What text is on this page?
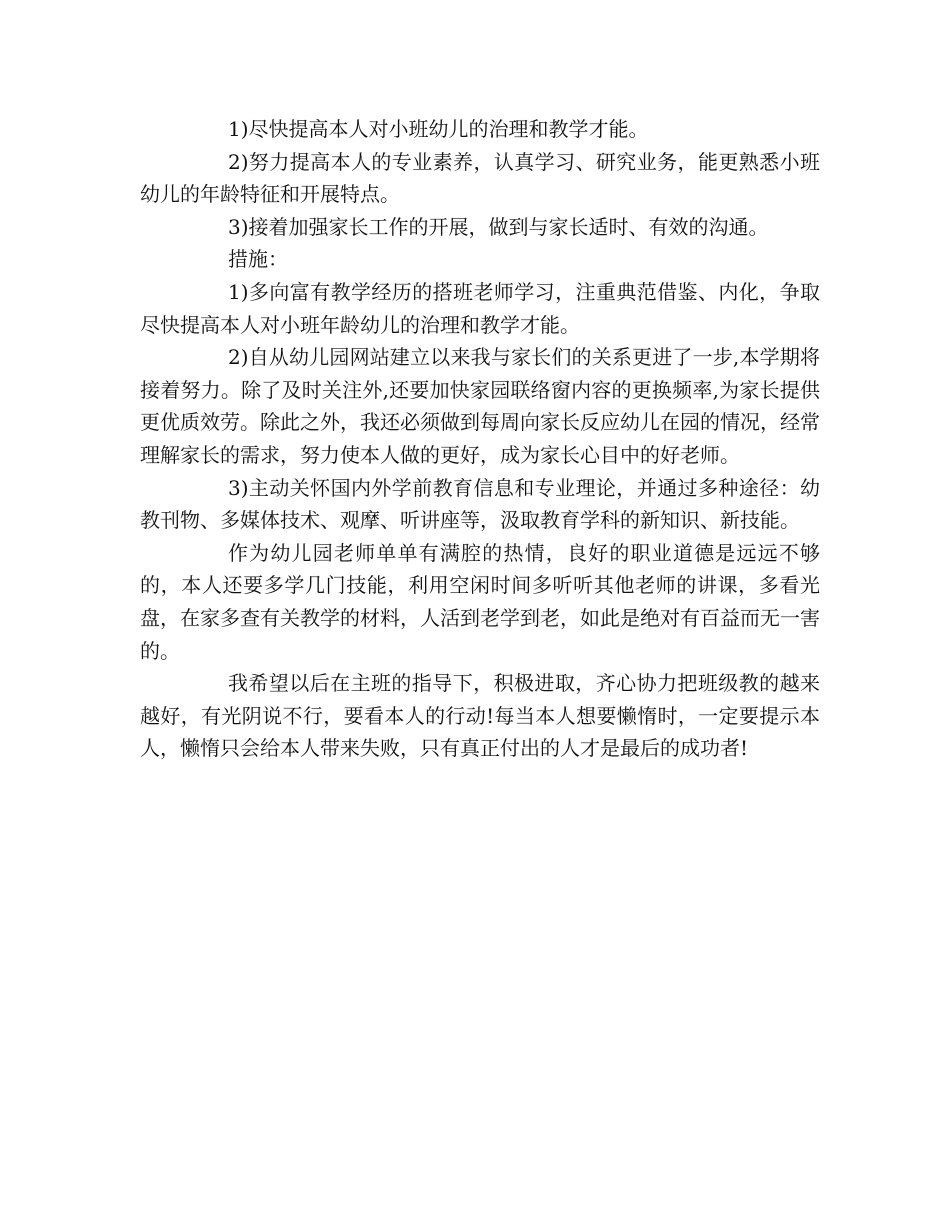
1)尽快提高本人对小班幼儿的治理和教学才能。

2)努力提高本人的专业素养，认真学习、研究业务，能更熟悉小班幼儿的年龄特征和开展特点。

3)接着加强家长工作的开展，做到与家长适时、有效的沟通。

措施：

1)多向富有教学经历的搭班老师学习，注重典范借鉴、内化，争取尽快提高本人对小班年龄幼儿的治理和教学才能。

2)自从幼儿园网站建立以来我与家长们的关系更进了一步,本学期将接着努力。除了及时关注外,还要加快家园联络窗内容的更换频率,为家长提供更优质效劳。除此之外，我还必须做到每周向家长反应幼儿在园的情况，经常理解家长的需求，努力使本人做的更好，成为家长心目中的好老师。

3)主动关怀国内外学前教育信息和专业理论，并通过多种途径：幼教刊物、多媒体技术、观摩、听讲座等，汲取教育学科的新知识、新技能。

作为幼儿园老师单单有满腔的热情，良好的职业道德是远远不够的，本人还要多学几门技能，利用空闲时间多听听其他老师的讲课，多看光盘，在家多查有关教学的材料，人活到老学到老，如此是绝对有百益而无一害的。

我希望以后在主班的指导下，积极进取，齐心协力把班级教的越来越好，有光阴说不行，要看本人的行动!每当本人想要懒惰时，一定要提示本人，懒惰只会给本人带来失败，只有真正付出的人才是最后的成功者!
